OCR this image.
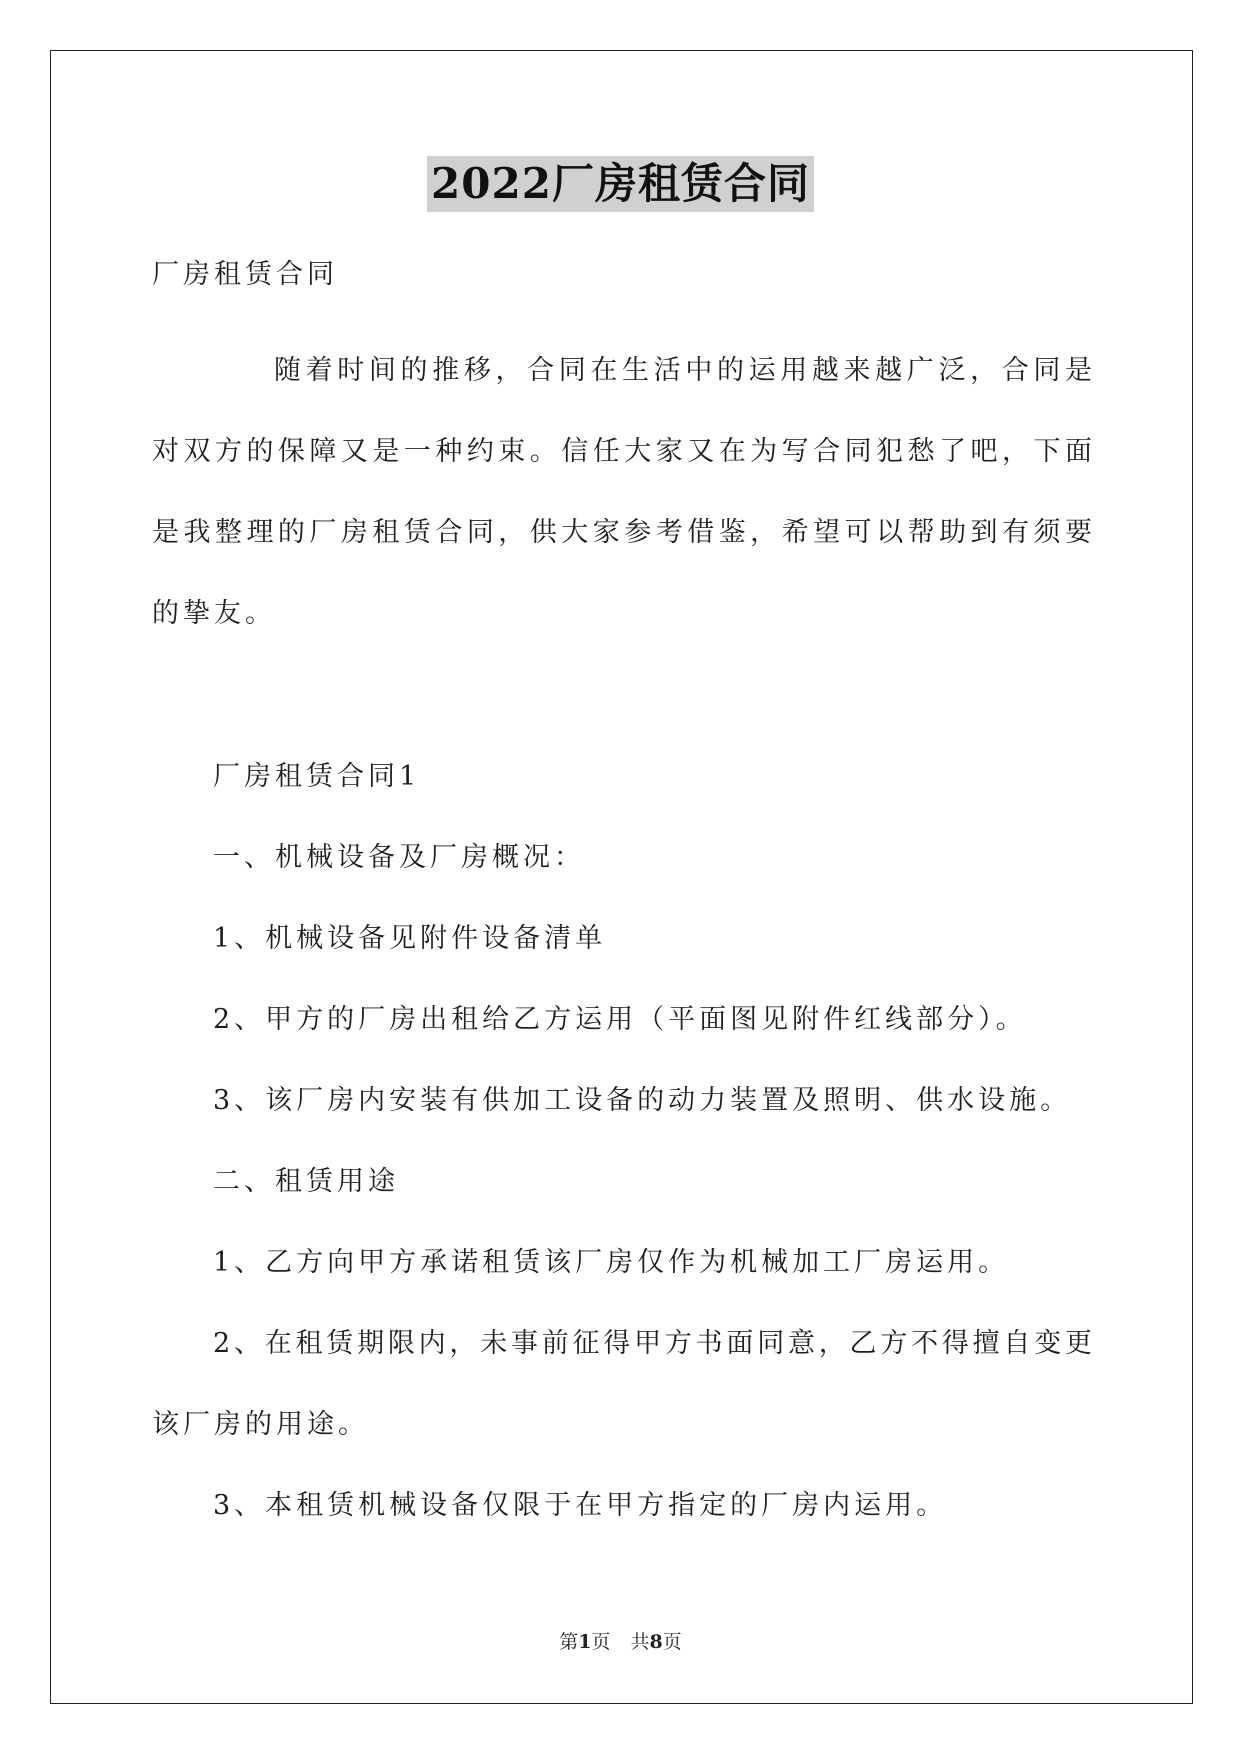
2022厂房租赁合同
厂房租赁合同
随着时间的推移，合同在生活中的运用越来越广泛，合同是
对双方的保障又是一种约束。信任大家又在为写合同犯愁了吧，下面
是我整理的厂房租赁合同，供大家参考借鉴，希望可以帮助到有须要
的挚友。
厂房租赁合同1
一、机械设备及厂房概况：
1、机械设备见附件设备清单
2、甲方的厂房出租给乙方运用（平面图见附件红线部分）。
3、该厂房内安装有供加工设备的动力装置及照明、供水设施。
二、租赁用途
1、乙方向甲方承诺租赁该厂房仅作为机械加工厂房运用。
2、在租赁期限内，未事前征得甲方书面同意，乙方不得擅自变更
该厂房的用途。
3、本租赁机械设备仅限于在甲方指定的厂房内运用。
第1页 共8页
